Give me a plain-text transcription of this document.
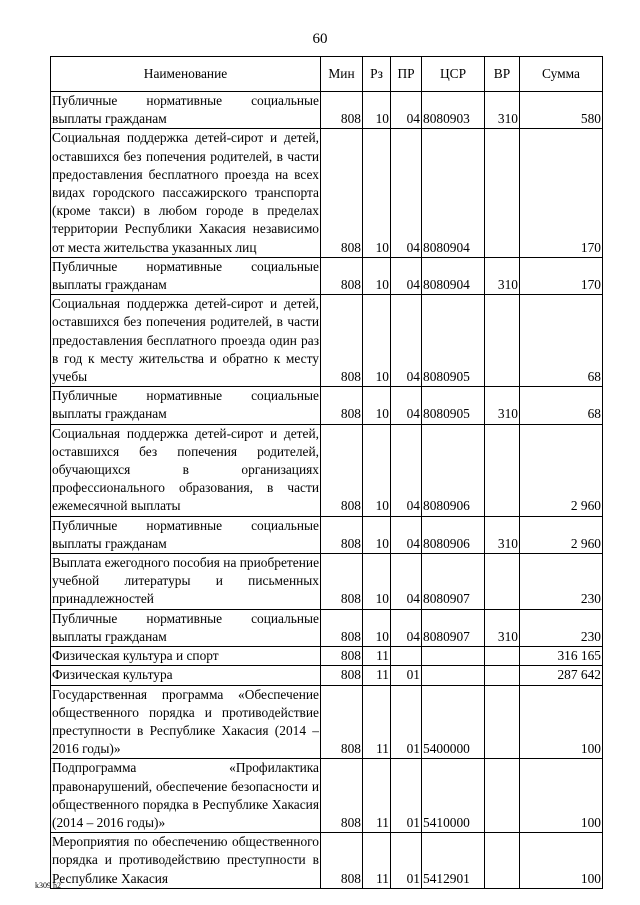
60
Наименование	Мин	Рз	ПР	ЦСР	ВР	Сумма
Публичные нормативные социальные выплаты гражданам	808	10	04	8080903	310	580
Социальная поддержка детей-сирот и детей, оставшихся без попечения родителей, в части предоставления бесплатного проезда на всех видах городского пассажирского транспорта (кроме такси) в любом городе в пределах территории Республики Хакасия независимо от места жительства указанных лиц	808	10	04	8080904		170
Публичные нормативные социальные выплаты гражданам	808	10	04	8080904	310	170
Социальная поддержка детей-сирот и детей, оставшихся без попечения родителей, в части предоставления бесплатного проезда один раз в год к месту жительства и обратно к месту учебы	808	10	04	8080905		68
Публичные нормативные социальные выплаты гражданам	808	10	04	8080905	310	68
Социальная поддержка детей-сирот и детей, оставшихся без попечения родителей, обучающихся в организациях профессионального образования, в части ежемесячной выплаты	808	10	04	8080906		2 960
Публичные нормативные социальные выплаты гражданам	808	10	04	8080906	310	2 960
Выплата ежегодного пособия на приобретение учебной литературы и письменных принадлежностей	808	10	04	8080907		230
Публичные нормативные социальные выплаты гражданам	808	10	04	8080907	310	230
Физическая культура и спорт	808	11				316 165
Физическая культура	808	11	01			287 642
Государственная программа «Обеспечение общественного порядка и противодействие преступности в Республике Хакасия (2014 – 2016 годы)»	808	11	01	5400000		100
Подпрограмма «Профилактика правонарушений, обеспечение безопасности и общественного порядка в Республике Хакасия (2014 – 2016 годы)»	808	11	01	5410000		100
Мероприятия по обеспечению общественного порядка и противодействию преступности в Республике Хакасия	808	11	01	5412901		100
k309 h2
